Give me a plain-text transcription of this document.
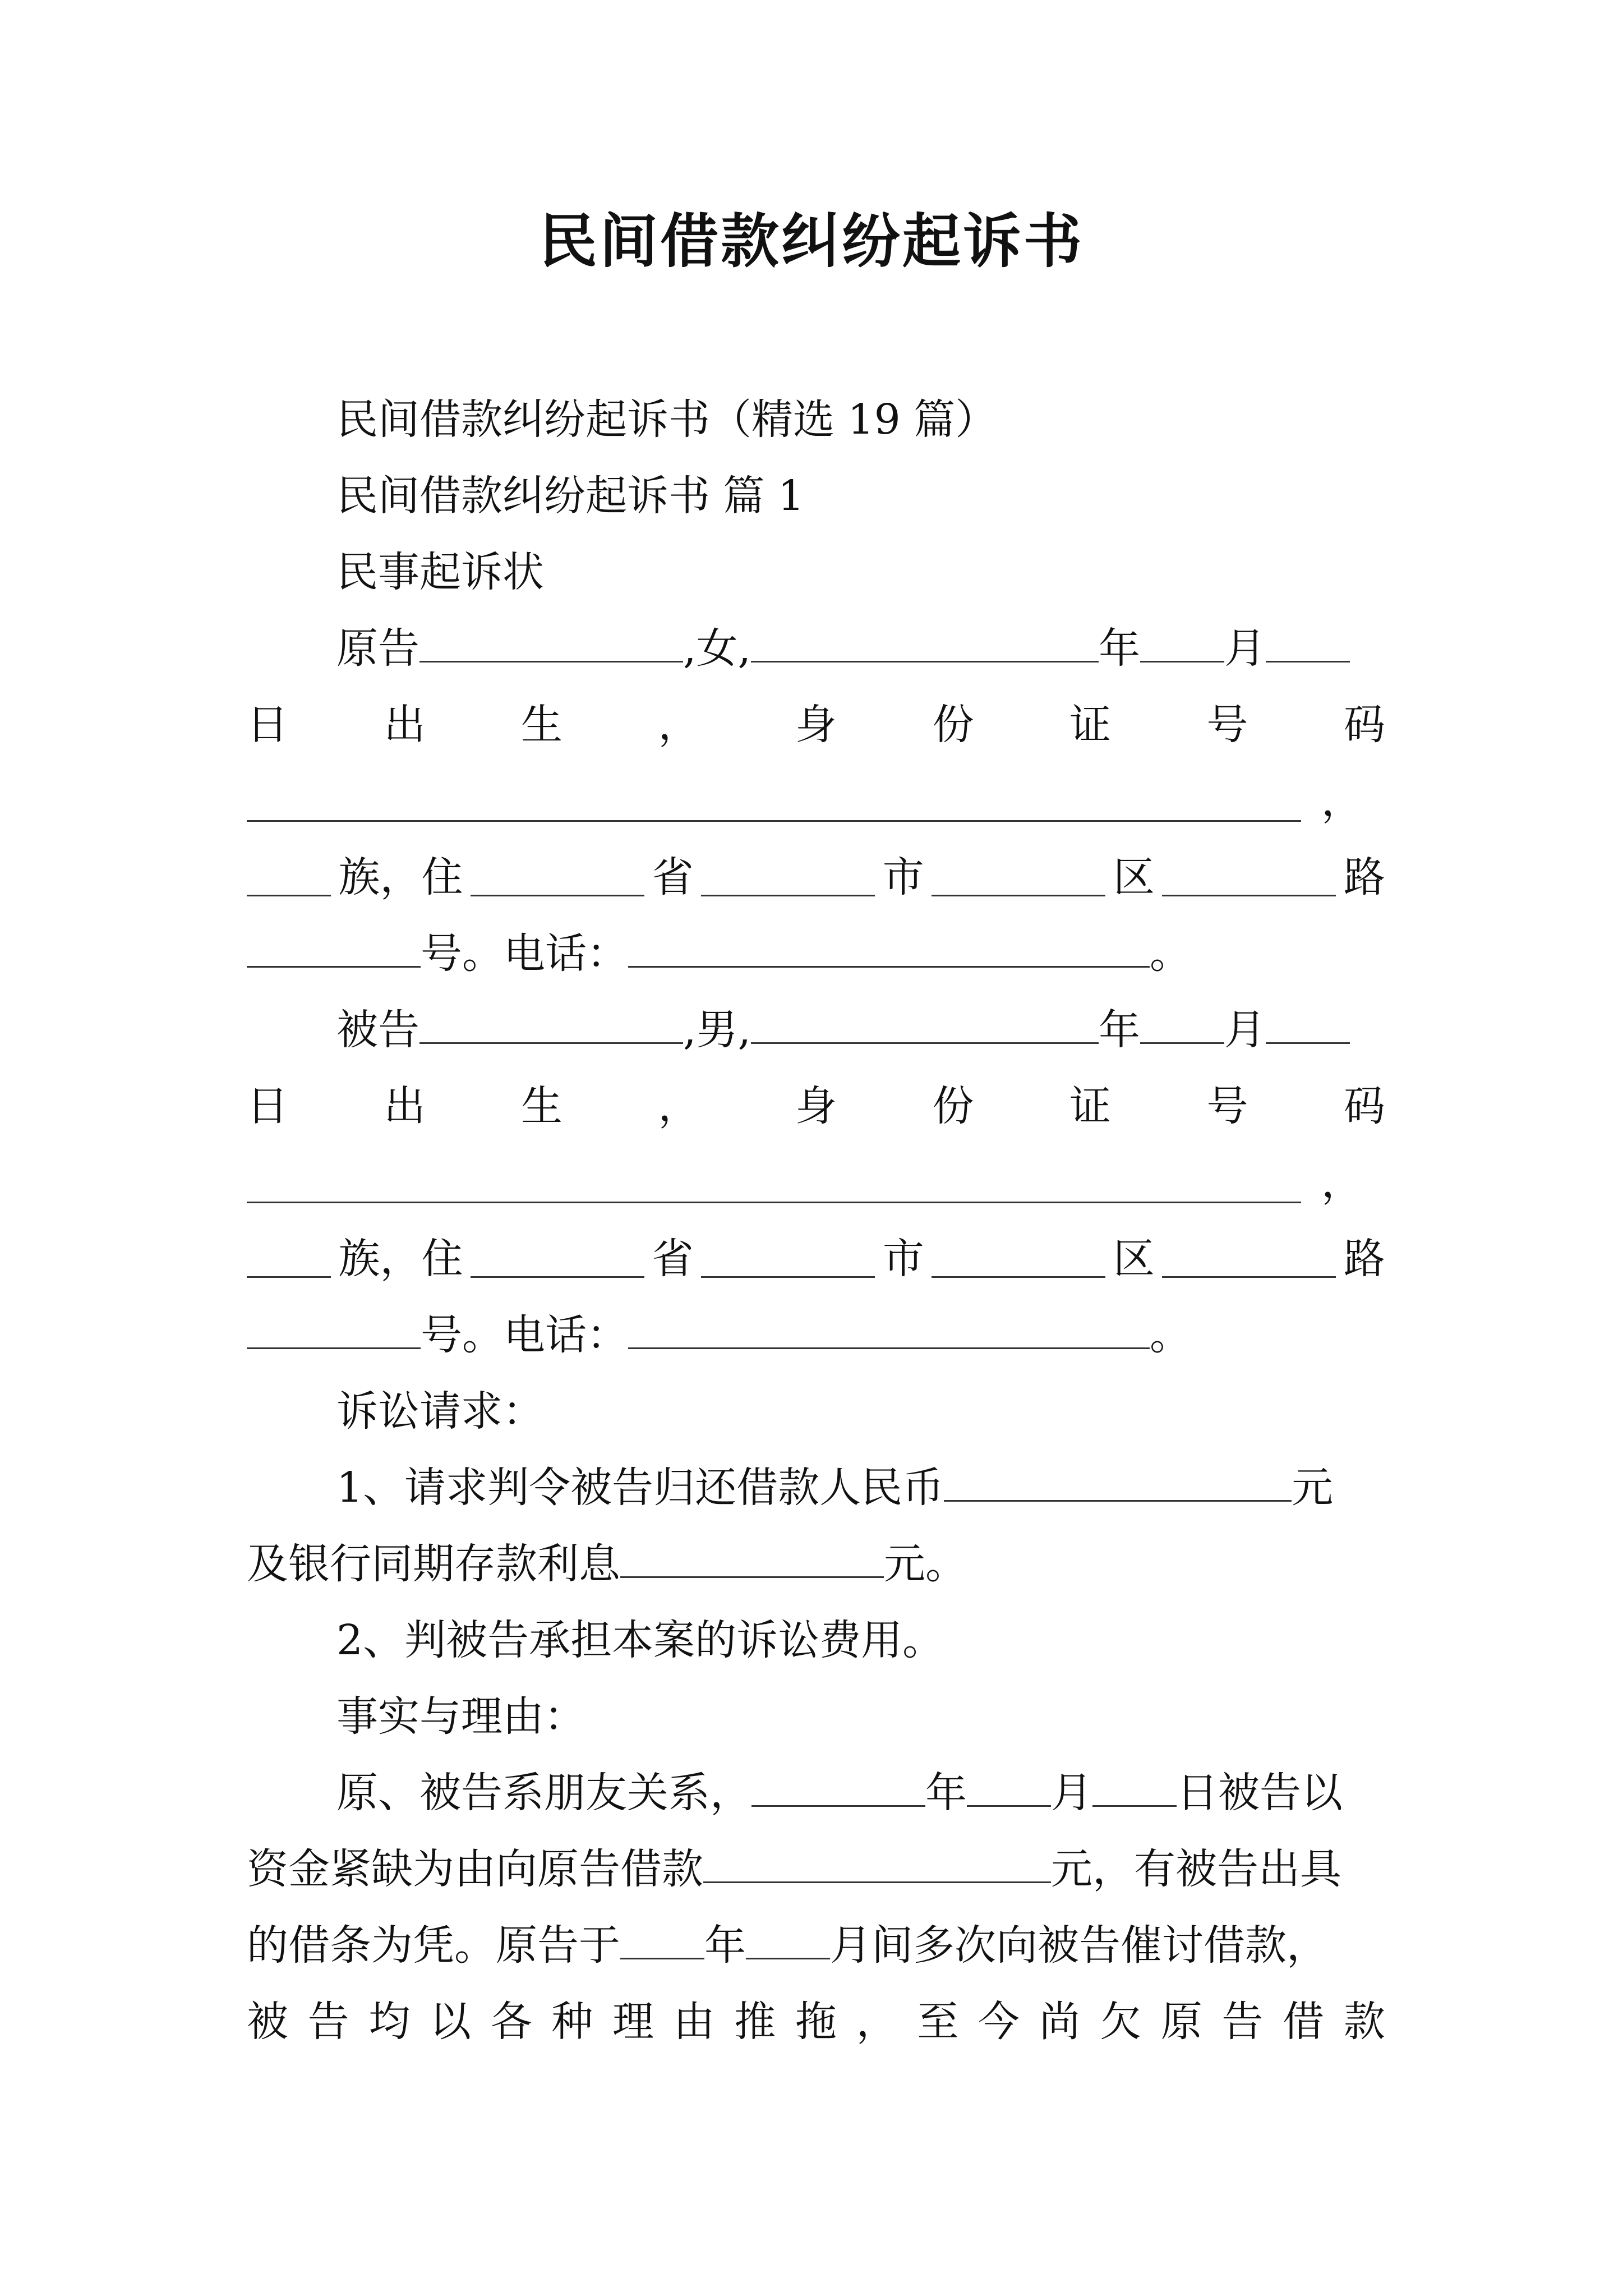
民间借款纠纷起诉书
民间借款纠纷起诉书（精选 19 篇）
民间借款纠纷起诉书 篇 1
民事起诉状
原告	,女,	年 月
日 出 生 ， 身 份 证 号 码
，
族，住	省	市	区	路
号。电话：	。
被告	,男,	年 月
日 出 生 ， 身 份 证 号 码
，
族，住	省	市	区	路
号。电话：	。
诉讼请求：
1、请求判令被告归还借款人民币	元
及银行同期存款利息	元。
2、判被告承担本案的诉讼费用。
事实与理由：
原、被告系朋友关系，	年 月 日被告以
资金紧缺为由向原告借款	元，有被告出具
的借条为凭。原告于 年 月间多次向被告催讨借款，
被 告 均 以 各 种 理 由 推 拖 ， 至 今 尚 欠 原 告 借 款
